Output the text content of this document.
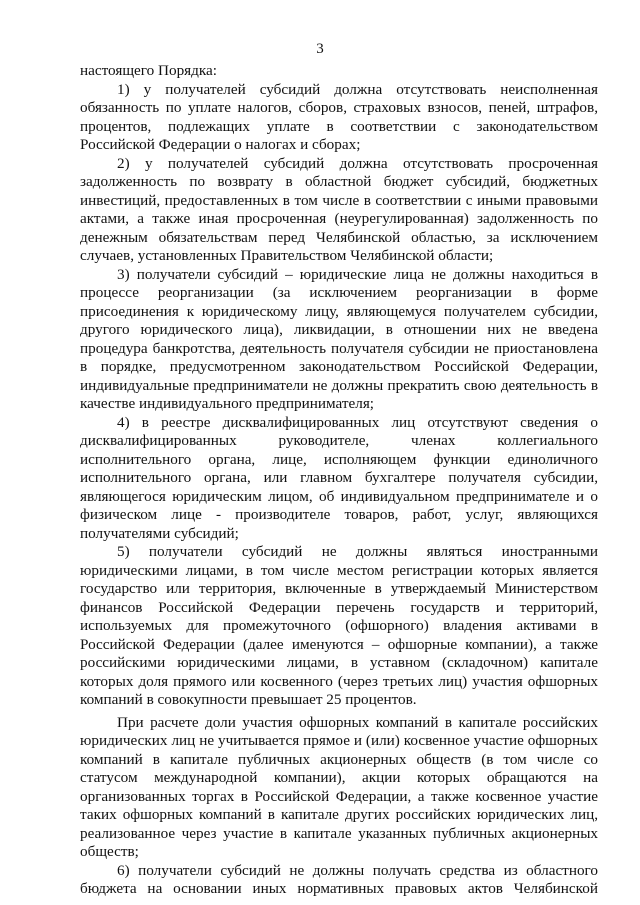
3

настоящего Порядка:

1) у получателей субсидий должна отсутствовать неисполненная обязанность по уплате налогов, сборов, страховых взносов, пеней, штрафов, процентов, подлежащих уплате в соответствии с законодательством Российской Федерации о налогах и сборах;

2) у получателей субсидий должна отсутствовать просроченная задолженность по возврату в областной бюджет субсидий, бюджетных инвестиций, предоставленных в том числе в соответствии с иными правовыми актами, а также иная просроченная (неурегулированная) задолженность по денежным обязательствам перед Челябинской областью, за исключением случаев, установленных Правительством Челябинской области;

3) получатели субсидий – юридические лица не должны находиться в процессе реорганизации (за исключением реорганизации в форме присоединения к юридическому лицу, являющемуся получателем субсидии, другого юридического лица), ликвидации, в отношении них не введена процедура банкротства, деятельность получателя субсидии не приостановлена в порядке, предусмотренном законодательством Российской Федерации, индивидуальные предприниматели не должны прекратить свою деятельность в качестве индивидуального предпринимателя;

4) в реестре дисквалифицированных лиц отсутствуют сведения о дисквалифицированных руководителе, членах коллегиального исполнительного органа, лице, исполняющем функции единоличного исполнительного органа, или главном бухгалтере получателя субсидии, являющегося юридическим лицом, об индивидуальном предпринимателе и о физическом лице - производителе товаров, работ, услуг, являющихся получателями субсидий;

5) получатели субсидий не должны являться иностранными юридическими лицами, в том числе местом регистрации которых является государство или территория, включенные в утверждаемый Министерством финансов Российской Федерации перечень государств и территорий, используемых для промежуточного (офшорного) владения активами в Российской Федерации (далее именуются – офшорные компании), а также российскими юридическими лицами, в уставном (складочном) капитале которых доля прямого или косвенного (через третьих лиц) участия офшорных компаний в совокупности превышает 25 процентов.

При расчете доли участия офшорных компаний в капитале российских юридических лиц не учитывается прямое и (или) косвенное участие офшорных компаний в капитале публичных акционерных обществ (в том числе со статусом международной компании), акции которых обращаются на организованных торгах в Российской Федерации, а также косвенное участие таких офшорных компаний в капитале других российских юридических лиц, реализованное через участие в капитале указанных публичных акционерных обществ;

6) получатели субсидий не должны получать средства из областного бюджета на основании иных нормативных правовых актов Челябинской
